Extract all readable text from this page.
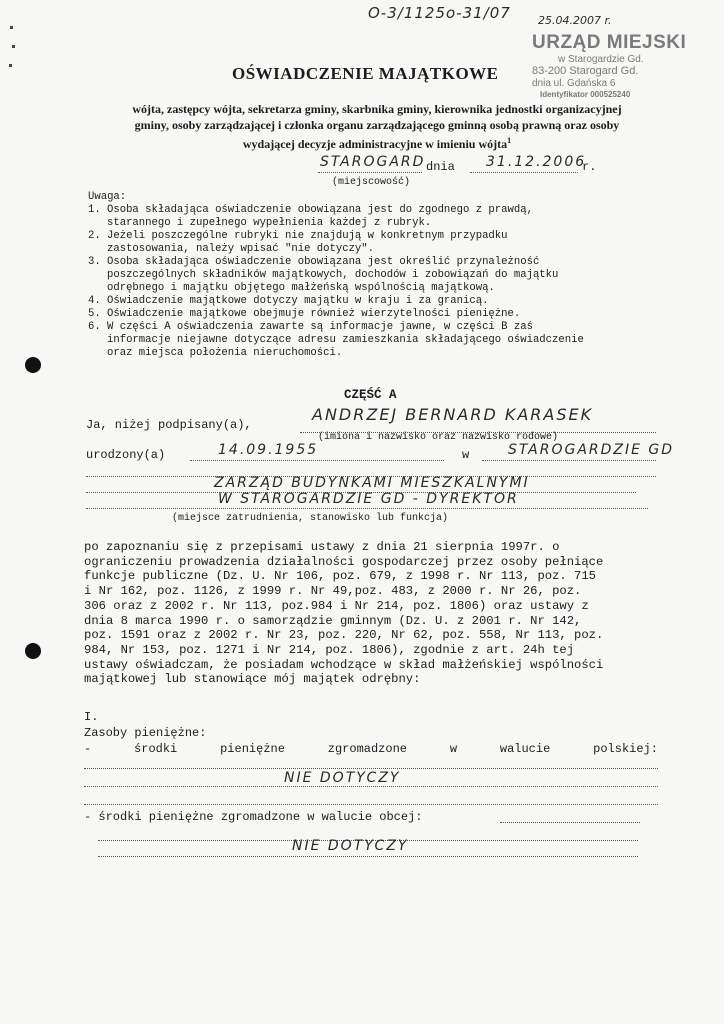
O-3/1125o-31/07 25.04.2007 r.
URZĄD MIEJSKI
w Starogardzie Gd.
83-200 Starogard Gd.
dnia ul. Gdańska 6
Identyfikator 000525240
OŚWIADCZENIE MAJĄTKOWE
wójta, zastępcy wójta, sekretarza gminy, skarbnika gminy, kierownika jednostki organizacyjnej
gminy, osoby zarządzającej i członka organu zarządzającego gminną osobą prawną oraz osoby
wydającej decyzje administracyjne w imieniu wójta$^1$
STAROGARD dnia 31.12.2006
r.
(miejscowość)
Uwaga:
1. Osoba składająca oświadczenie obowiązana jest do zgodnego z prawdą,
starannego i zupełnego wypełnienia każdej z rubryk.
2. Jeżeli poszczególne rubryki nie znajdują w konkretnym przypadku
zastosowania, należy wpisać "nie dotyczy".
3. Osoba składająca oświadczenie obowiązana jest określić przynależność
poszczególnych składników majątkowych, dochodów i zobowiązań do majątku
odrębnego i majątku objętego małżeńską wspólnością majątkową.
4. Oświadczenie majątkowe dotyczy majątku w kraju i za granicą.
5. Oświadczenie majątkowe obejmuje również wierzytelności pieniężne.
6. W części A oświadczenia zawarte są informacje jawne, w części B zaś
informacje niejawne dotyczące adresu zamieszkania składającego oświadczenie
oraz miejsca położenia nieruchomości.
CZĘŚĆ A
Ja, niżej podpisany(a),
ANDRZEJ BERNARD KARASEK
(imiona i nazwisko oraz nazwisko rodowe)
urodzony(a)	14.09.1955	w	STAROGARDZIE GD
ZARZĄD BUDYNKAMI MIESZKALNYMI
W STAROGARDZIE GD - DYREKTOR
(miejsce zatrudnienia, stanowisko lub funkcja)
po zapoznaniu się z przepisami ustawy z dnia 21 sierpnia 1997r. o
ograniczeniu prowadzenia działalności gospodarczej przez osoby pełniące
funkcje publiczne (Dz. U. Nr 106, poz. 679, z 1998 r. Nr 113, poz. 715
i Nr 162, poz. 1126, z 1999 r. Nr 49,poz. 483, z 2000 r. Nr 26, poz.
306 oraz z 2002 r. Nr 113, poz.984 i Nr 214, poz. 1806) oraz ustawy z
dnia 8 marca 1990 r. o samorządzie gminnym (Dz. U. z 2001 r. Nr 142,
poz. 1591 oraz z 2002 r. Nr 23, poz. 220, Nr 62, poz. 558, Nr 113, poz.
984, Nr 153, poz. 1271 i Nr 214, poz. 1806), zgodnie z art. 24h tej
ustawy oświadczam, że posiadam wchodzące w skład małżeńskiej wspólności
majątkowej lub stanowiące mój majątek odrębny:
I.
Zasoby pieniężne:
-	środki	pieniężne	zgromadzone	w	walucie	polskiej:
NIE DOTYCZY
- środki pieniężne zgromadzone w walucie obcej:
NIE DOTYCZY
